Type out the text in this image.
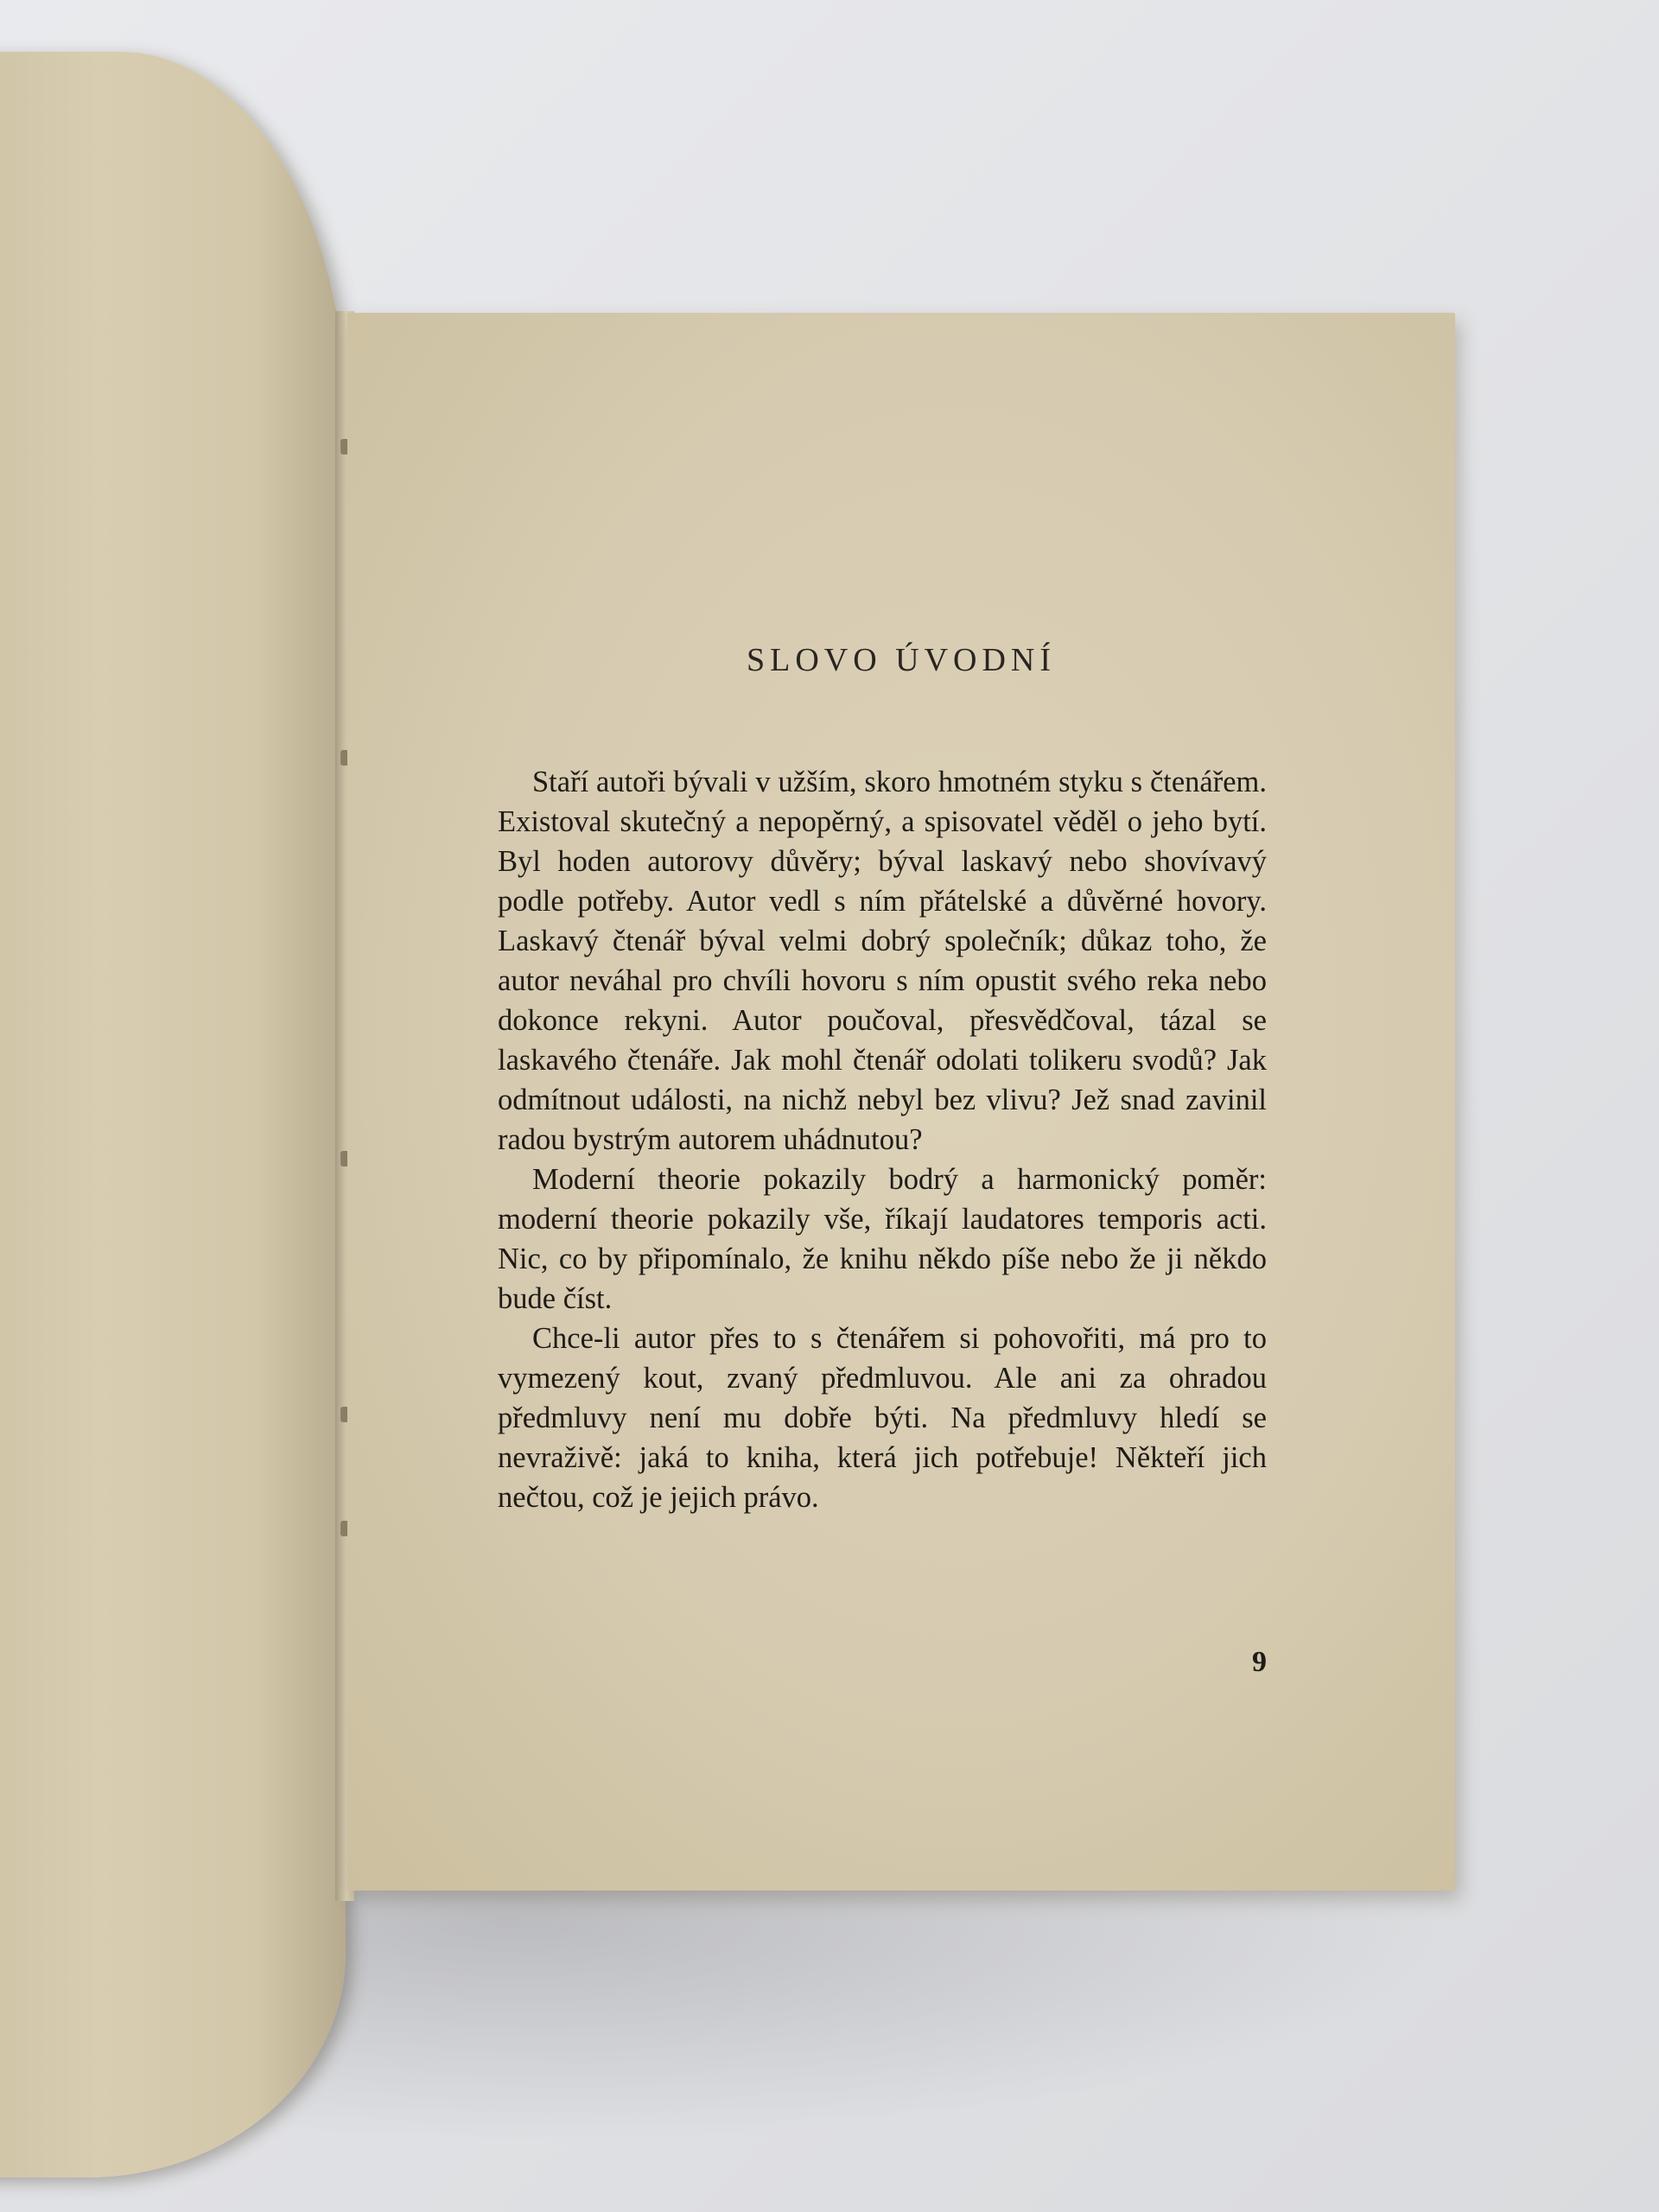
SLOVO ÚVODNÍ

Staří autoři bývali v užším, skoro hmotném styku s čtenářem. Existoval skutečný a nepopěrný, a spisovatel věděl o jeho bytí. Byl hoden autorovy důvěry; býval laskavý nebo shovívavý podle potřeby. Autor vedl s ním přátelské a důvěrné hovory. Laskavý čtenář býval velmi dobrý společník; důkaz toho, že autor neváhal pro chvíli hovoru s ním opustit svého reka nebo dokonce rekyni. Autor poučoval, přesvědčoval, tázal se laskavého čtenáře. Jak mohl čtenář odolati tolikeru svodů? Jak odmítnout události, na nichž nebyl bez vlivu? Jež snad zavinil radou bystrým autorem uhádnutou?

Moderní theorie pokazily bodrý a harmonický poměr: moderní theorie pokazily vše, říkají laudatores temporis acti. Nic, co by připomínalo, že knihu někdo píše nebo že ji někdo bude číst.

Chce-li autor přes to s čtenářem si pohovořiti, má pro to vymezený kout, zvaný předmluvou. Ale ani za ohradou předmluvy není mu dobře býti. Na předmluvy hledí se nevraživě: jaká to kniha, která jich potřebuje! Někteří jich nečtou, což je jejich právo.

9
